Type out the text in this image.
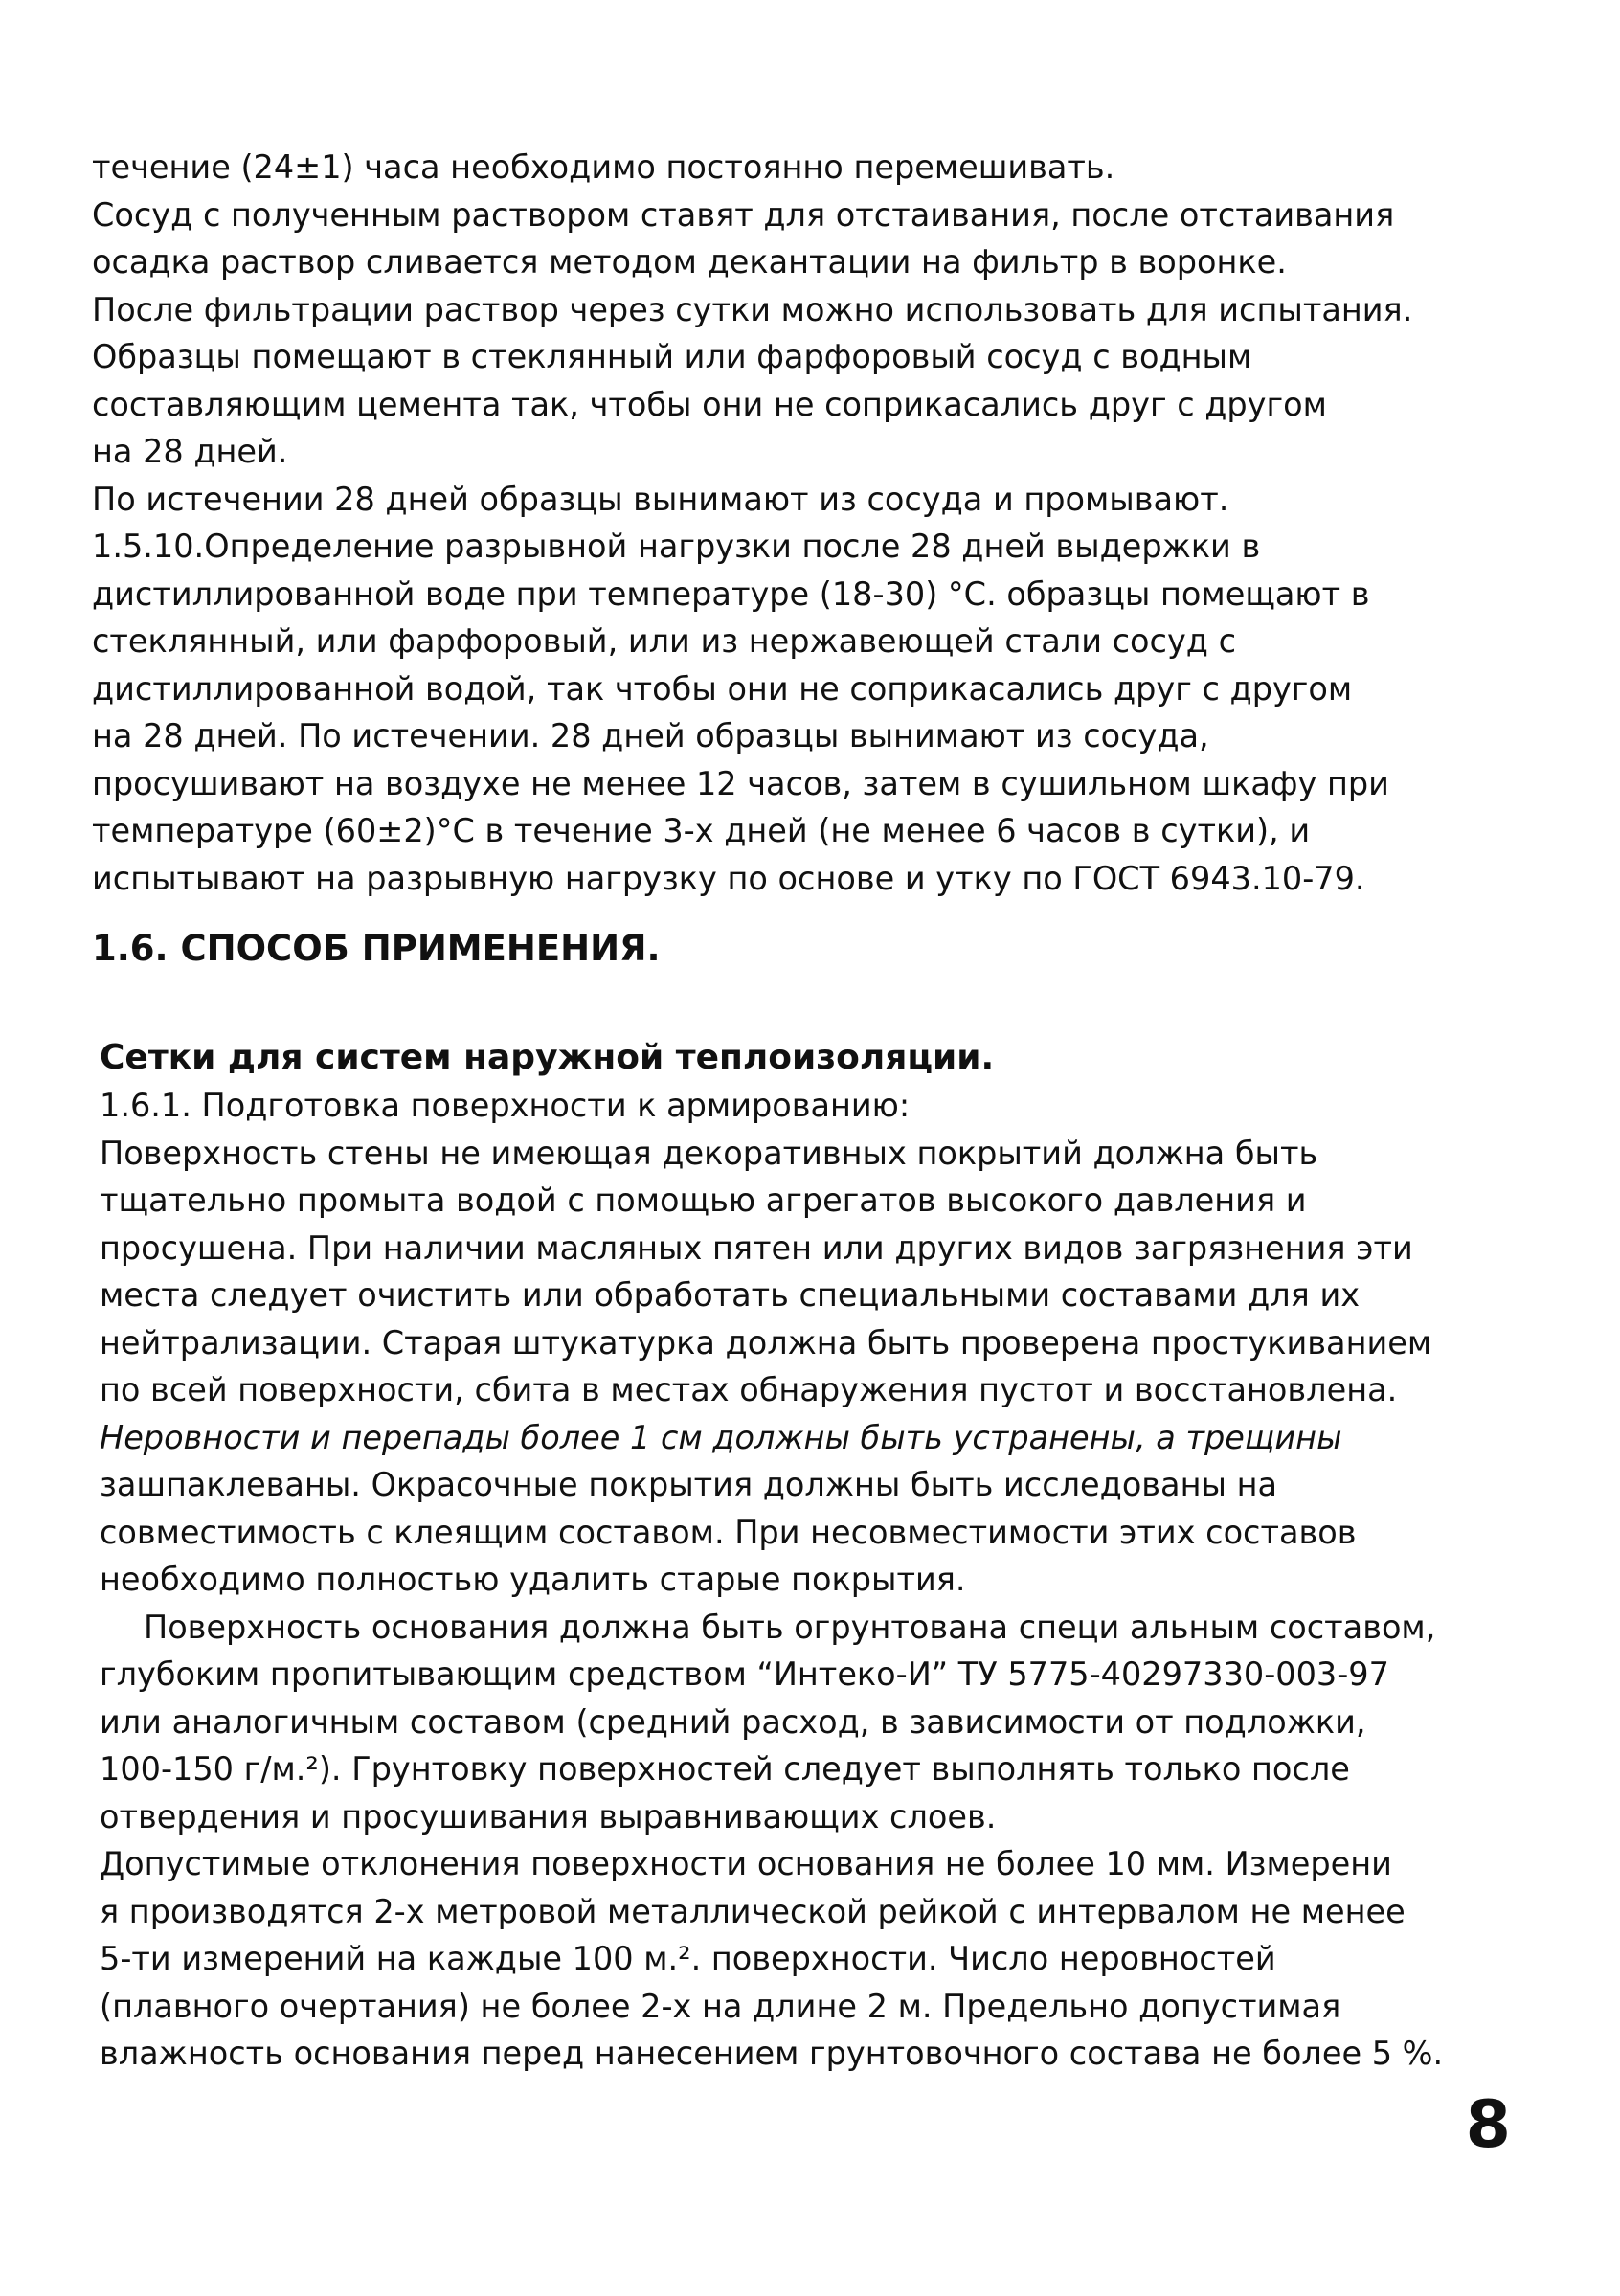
течение (24±1) часа необходимо постоянно перемешивать.

Сосуд с полученным раствором ставят для отстаивания, после отстаивания

осадка раствор сливается методом декантации на фильтр в воронке.

После фильтрации раствор через сутки можно использовать для испытания.

Образцы помещают в стеклянный или фарфоровый сосуд с водным

составляющим цемента так, чтобы они не соприкасались друг с другом

на 28 дней.

По истечении 28 дней образцы вынимают из сосуда и промывают.

1.5.10.Определение разрывной нагрузки после 28 дней выдержки в

дистиллированной воде при температуре (18-30) °С. образцы помещают в

стеклянный, или фарфоровый, или из нержавеющей стали сосуд с

дистиллированной водой, так чтобы они не соприкасались друг с другом

на 28 дней. По истечении. 28 дней образцы вынимают из сосуда,

просушивают на воздухе не менее 12 часов, затем в сушильном шкафу при

температуре (60±2)°С в течение 3-х дней (не менее 6 часов в сутки), и

испытывают на разрывную нагрузку по основе и утку по ГОСТ 6943.10-79.

1.6. СПОСОБ ПРИМЕНЕНИЯ.
Сетки для систем наружной теплоизоляции.

1.6.1. Подготовка поверхности к армированию:

Поверхность стены не имеющая декоративных покрытий должна быть

тщательно промыта водой с помощью агрегатов высокого давления и

просушена. При наличии масляных пятен или других видов загрязнения эти

места следует очистить или обработать специальными составами для их

нейтрализации. Старая штукатурка должна быть проверена простукиванием

по всей поверхности, сбита в местах обнаружения пустот и восстановлена.

Неровности и перепады более 1 см должны быть устранены, а трещины

зашпаклеваны. Окрасочные покрытия должны быть исследованы на

совместимость с клеящим составом. При несовместимости этих составов

необходимо полностью удалить старые покрытия.

Поверхность основания должна быть огрунтована специ альным составом,

глубоким пропитывающим средством “Интеко-И” ТУ 5775-40297330-003-97

или аналогичным составом (средний расход, в зависимости от подложки,

100-150 г/м.²). Грунтовку поверхностей следует выполнять только после

отвердения и просушивания выравнивающих слоев.

Допустимые отклонения поверхности основания не более 10 мм. Измерени

я производятся 2-х метровой металлической рейкой с интервалом не менее

5-ти измерений на каждые 100 м.². поверхности. Число неровностей

(плавного очертания) не более 2-х на длине 2 м. Предельно допустимая

влажность основания перед нанесением грунтовочного состава не более 5 %.

8
